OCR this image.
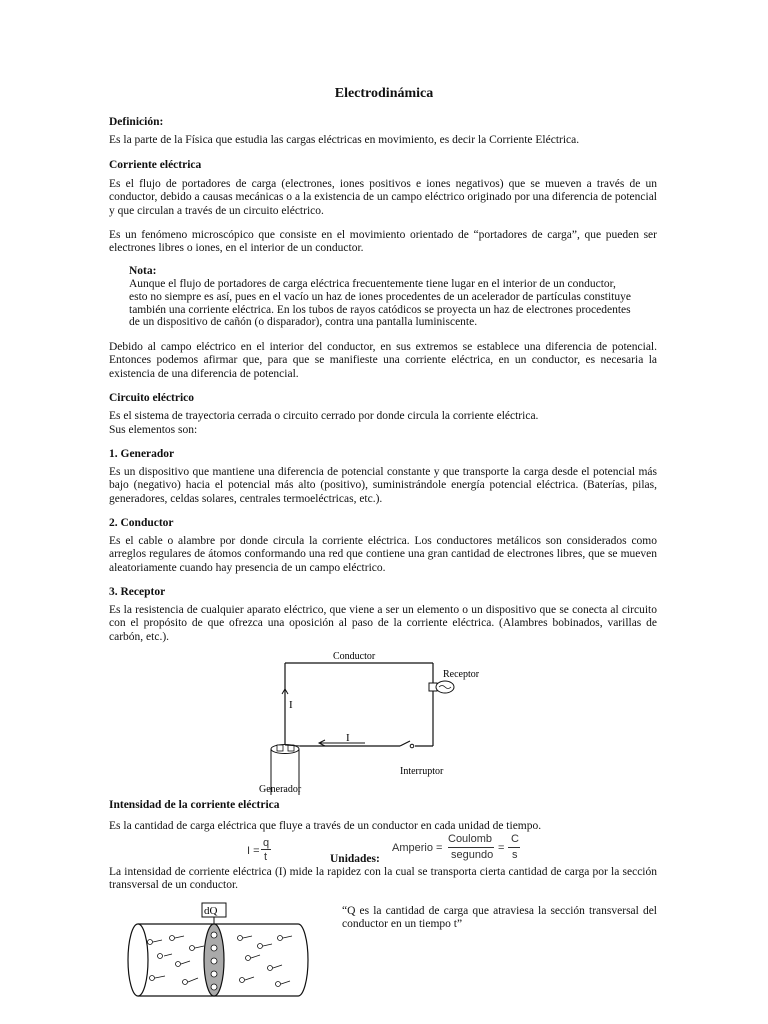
Electrodinámica
Definición:
Es la parte de la Física que estudia las cargas eléctricas en movimiento, es decir la Corriente Eléctrica.
Corriente eléctrica
Es el flujo de portadores de carga (electrones, iones positivos e iones negativos) que se mueven a través de un conductor, debido a causas mecánicas o a la existencia de un campo eléctrico originado por una diferencia de potencial y que circulan a través de un circuito eléctrico.
Es un fenómeno microscópico que consiste en el movimiento orientado de “portadores de carga”, que pueden ser electrones libres o iones, en el interior de un conductor.
Nota:
Aunque el flujo de portadores de carga eléctrica frecuentemente tiene lugar en el interior de un conductor,
esto no siempre es así, pues en el vacío un haz de iones procedentes de un acelerador de partículas constituye
también una corriente eléctrica. En los tubos de rayos catódicos se proyecta un haz de electrones procedentes
de un dispositivo de cañón (o disparador), contra una pantalla luminiscente.
Debido al campo eléctrico en el interior del conductor, en sus extremos se establece una diferencia de potencial. Entonces podemos afirmar que, para que se manifieste una corriente eléctrica, en un conductor, es necesaria la existencia de una diferencia de potencial.
Circuito eléctrico
Es el sistema de trayectoria cerrada o circuito cerrado por donde circula la corriente eléctrica.
Sus elementos son:
1. Generador
Es un dispositivo que mantiene una diferencia de potencial constante y que transporte la carga desde el potencial más bajo (negativo) hacia el potencial más alto (positivo), suministrándole energía potencial eléctrica. (Baterías, pilas, generadores, celdas solares, centrales termoeléctricas, etc.).
2. Conductor
Es el cable o alambre por donde circula la corriente eléctrica. Los conductores metálicos son considerados como arreglos regulares de átomos conformando una red que contiene una gran cantidad de electrones libres, que se mueven aleatoriamente cuando hay presencia de un campo eléctrico.
3. Receptor
Es la resistencia de cualquier aparato eléctrico, que viene a ser un elemento o un dispositivo que se conecta al circuito con el propósito de que ofrezca una oposición al paso de la corriente eléctrica. (Alambres bobinados, varillas de carbón, etc.).
Conductor
Receptor
I
I
Interruptor
Generador
Intensidad de la corriente eléctrica
Es la cantidad de carga eléctrica que fluye a través de un conductor en cada unidad de tiempo.
I =
q
t	Unidades:
Amperio =
Coulomb
segundo
=
C
s
La intensidad de corriente eléctrica (I) mide la rapidez con la cual se transporta cierta cantidad de carga por la sección transversal de un conductor.
dQ	“Q es la cantidad de carga que atraviesa la sección transversal del conductor en un tiempo t”
